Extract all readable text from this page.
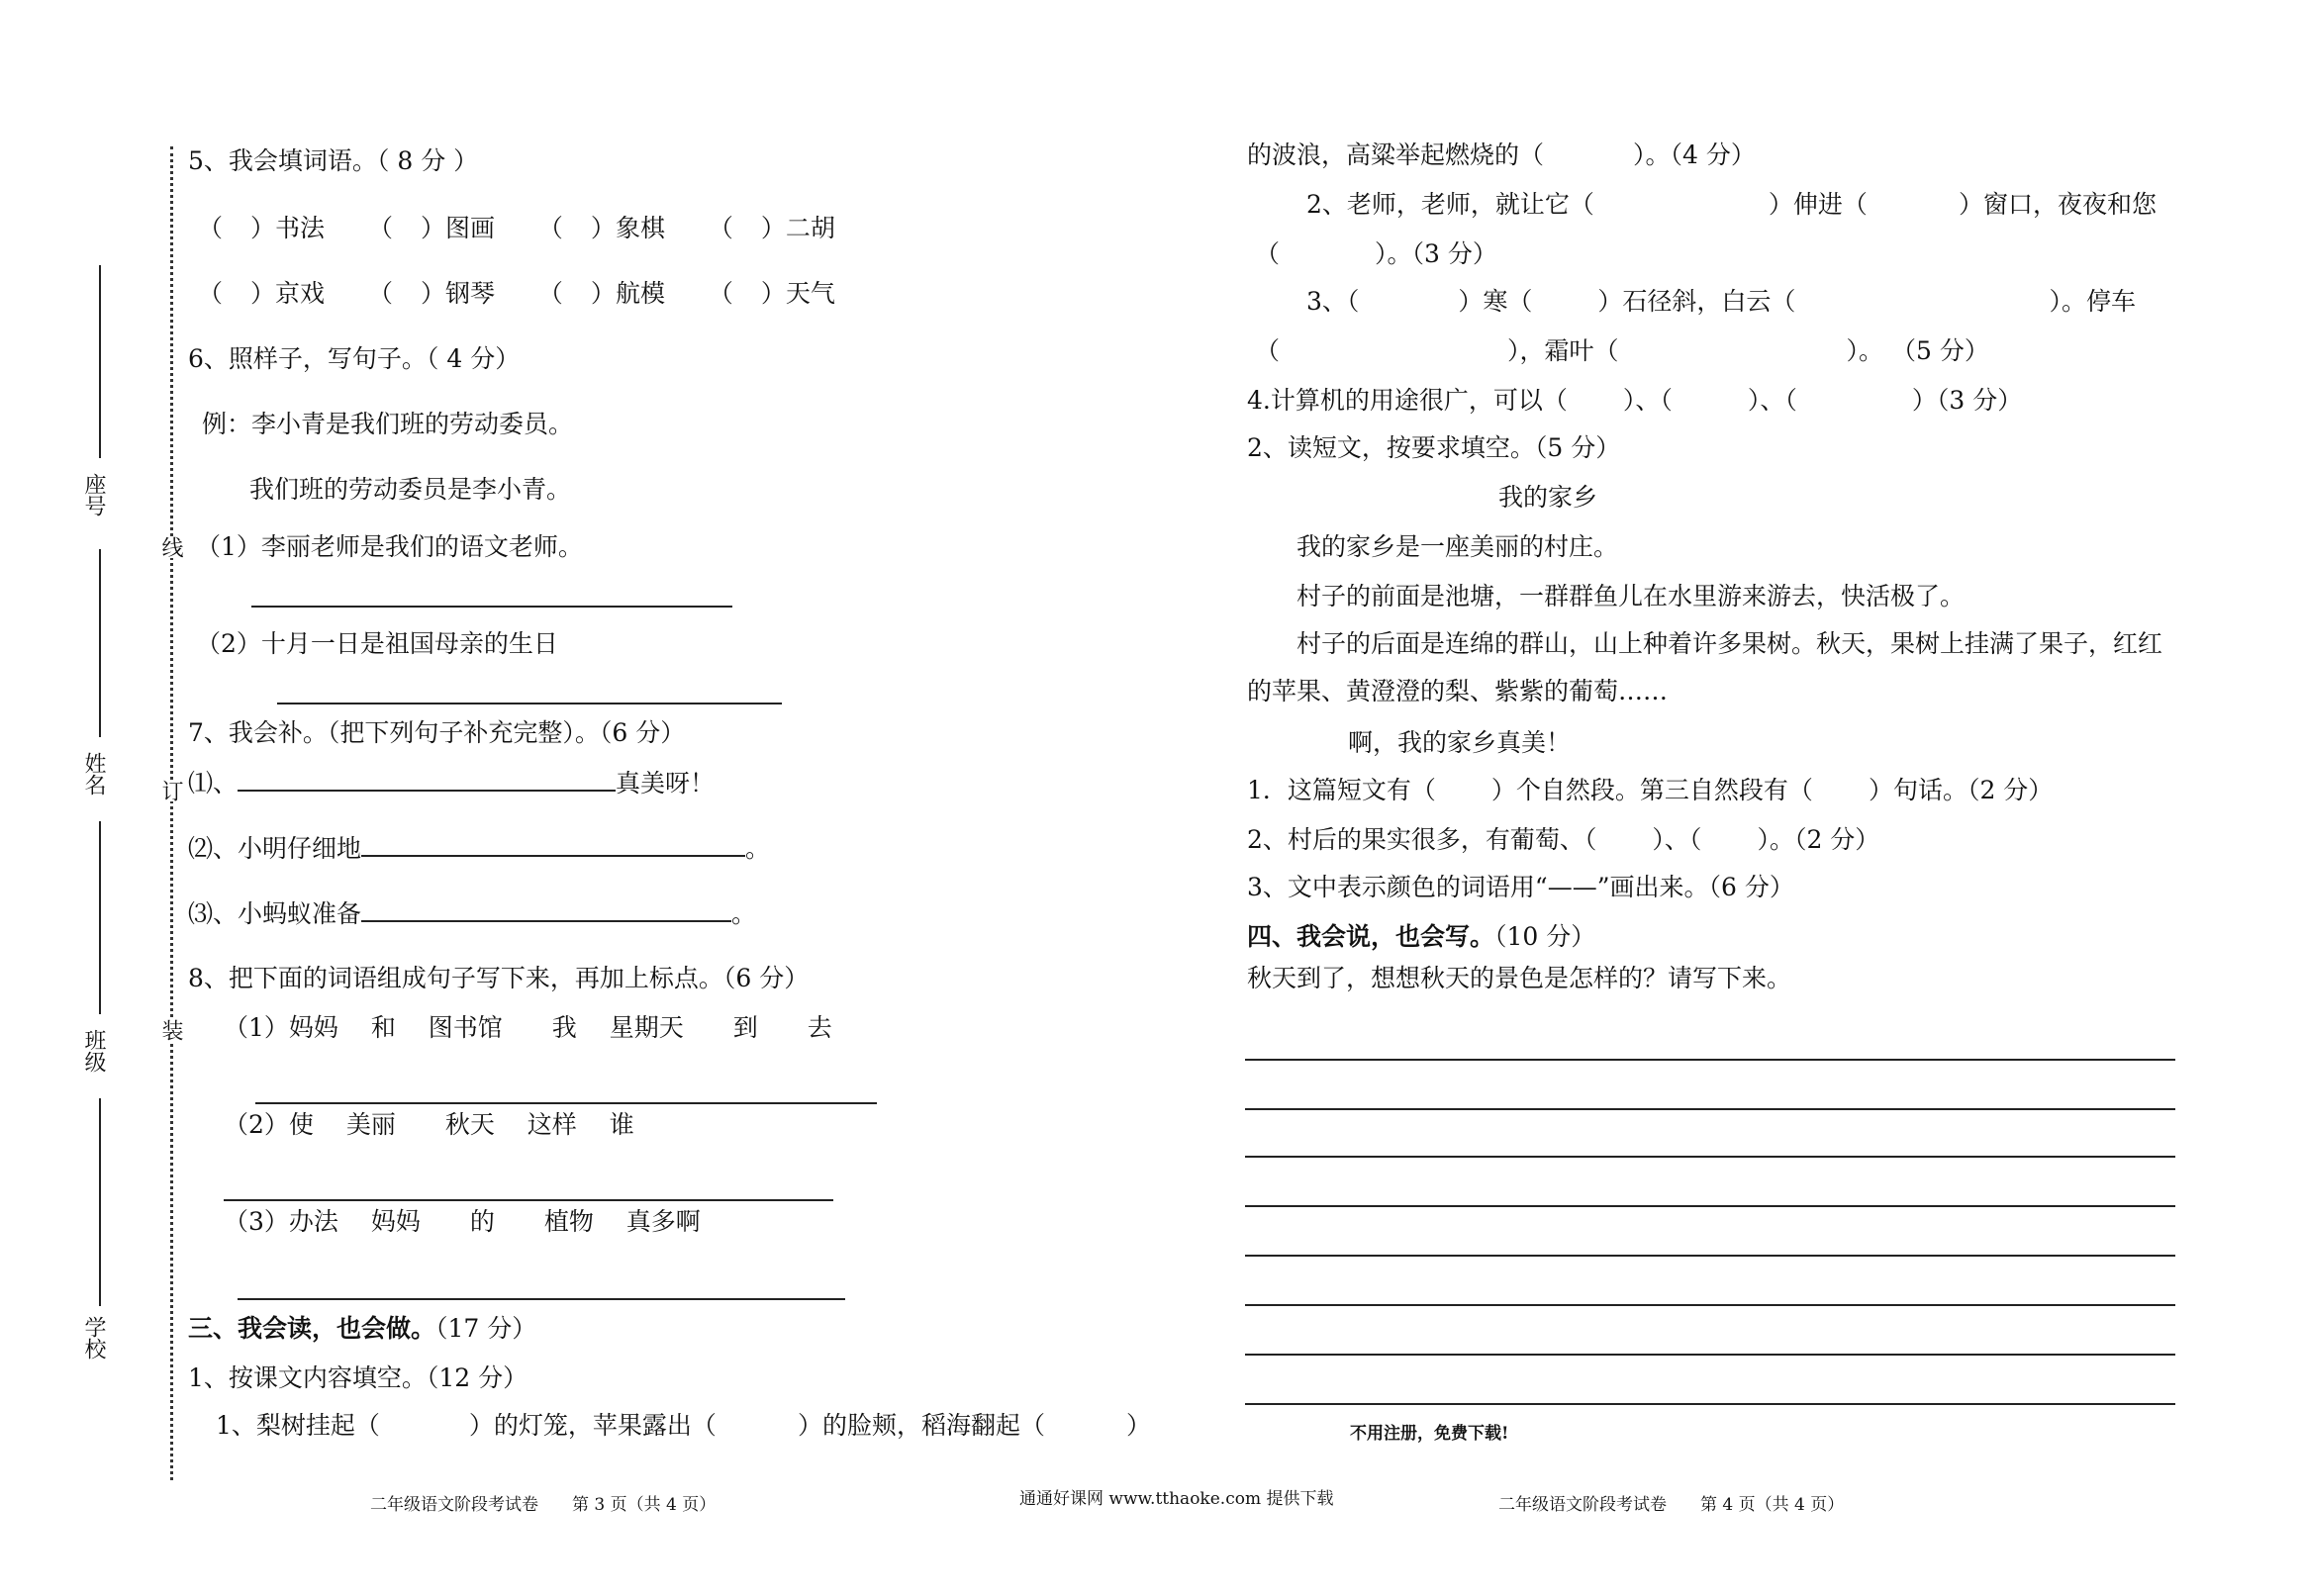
座号
姓名
班级
学校
线
订
装
5、我会填词语。（ 8 分 ）
（ ）书法 （ ）图画 （ ）象棋 （ ）二胡
（ ）京戏 （ ）钢琴 （ ）航模 （ ）天气
6、照样子，写句子。（ 4 分）
例：李小青是我们班的劳动委员。
我们班的劳动委员是李小青。
（1）李丽老师是我们的语文老师。
（2）十月一日是祖国母亲的生日
7、我会补。（把下列句子补充完整）。（6 分）
⑴、	真美呀！
⑵、小明仔细地	。
⑶、小蚂蚁准备	。
8、把下面的词语组成句子写下来，再加上标点。（6 分）
（1）妈妈　 和　 图书馆　　我　 星期天　　到　　去
（2）使　 美丽　　秋天　 这样　 谁
（3）办法　 妈妈　　的　　植物　 真多啊
三、我会读，也会做。（17 分）
1、按课文内容填空。（12 分）
1、梨树挂起（	）的灯笼，苹果露出（	）的脸颊，稻海翻起（	）
二年级语文阶段考试卷　　第 3 页（共 4 页）	通通好课网 www.tthaoke.com 提供下载
的波浪，高粱举起燃烧的（	）。（4 分）
2、老师，老师，就让它（	）伸进（	）窗口，夜夜和您
（	）。（3 分）
3、（	）寒（	）石径斜，白云（	）。停车
（	），霜叶（	）。 （5 分）
4.计算机的用途很广，可以（ ）、（	）、（	）（3 分）
2、读短文，按要求填空。（5 分）
我的家乡
我的家乡是一座美丽的村庄。
村子的前面是池塘，一群群鱼儿在水里游来游去，快活极了。
村子的后面是连绵的群山，山上种着许多果树。秋天，果树上挂满了果子，红红
的苹果、黄澄澄的梨、紫紫的葡萄……
啊，我的家乡真美！
1．这篇短文有（ ）个自然段。第三自然段有（ ）句话。（2 分）
2、村后的果实很多，有葡萄、（ ）、（ ）。（2 分）
3、文中表示颜色的词语用“——”画出来。（6 分）
四、我会说，也会写。（10 分）
秋天到了，想想秋天的景色是怎样的？请写下来。
不用注册，免费下载!
二年级语文阶段考试卷　　第 4 页（共 4 页）
